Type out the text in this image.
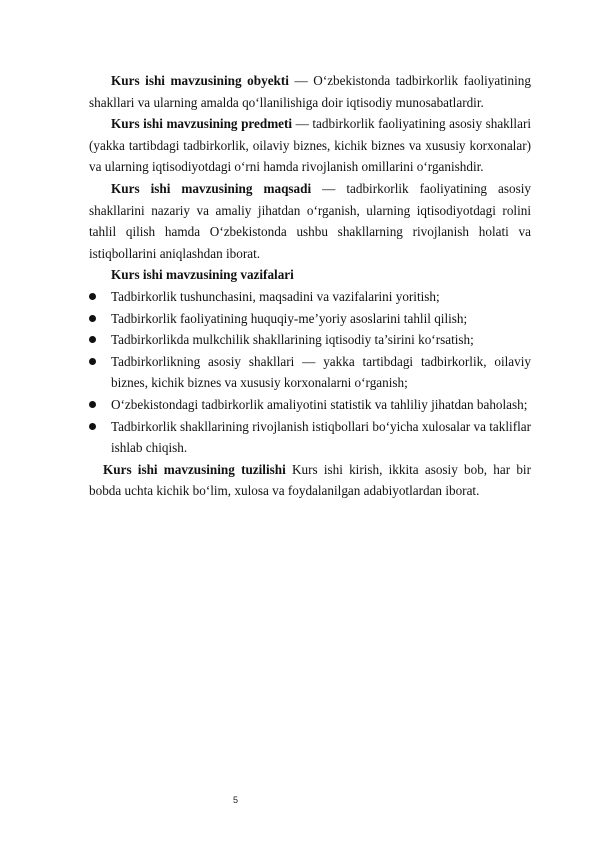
Kurs ishi mavzusining obyekti — O‘zbekistonda tadbirkorlik faoliyatining shakllari va ularning amalda qo‘llanilishiga doir iqtisodiy munosabatlardir.

Kurs ishi mavzusining predmeti — tadbirkorlik faoliyatining asosiy shakllari (yakka tartibdagi tadbirkorlik, oilaviy biznes, kichik biznes va xususiy korxonalar) va ularning iqtisodiyotdagi o‘rni hamda rivojlanish omillarini o‘rganishdir.

Kurs ishi mavzusining maqsadi — tadbirkorlik faoliyatining asosiy shakllarini nazariy va amaliy jihatdan o‘rganish, ularning iqtisodiyotdagi rolini tahlil qilish hamda O‘zbekistonda ushbu shakllarning rivojlanish holati va istiqbollarini aniqlashdan iborat.

Kurs ishi mavzusining vazifalari

Tadbirkorlik tushunchasini, maqsadini va vazifalarini yoritish;
Tadbirkorlik faoliyatining huquqiy-me’yoriy asoslarini tahlil qilish;
Tadbirkorlikda mulkchilik shakllarining iqtisodiy ta’sirini ko‘rsatish;
Tadbirkorlikning asosiy shakllari — yakka tartibdagi tadbirkorlik, oilaviy biznes, kichik biznes va xususiy korxonalarni o‘rganish;
O‘zbekistondagi tadbirkorlik amaliyotini statistik va tahliliy jihatdan baholash;
Tadbirkorlik shakllarining rivojlanish istiqbollari bo‘yicha xulosalar va takliflar ishlab chiqish.

Kurs ishi mavzusining tuzilishi Kurs ishi kirish, ikkita asosiy bob, har bir bobda uchta kichik bo‘lim, xulosa va foydalanilgan adabiyotlardan iborat.

5
